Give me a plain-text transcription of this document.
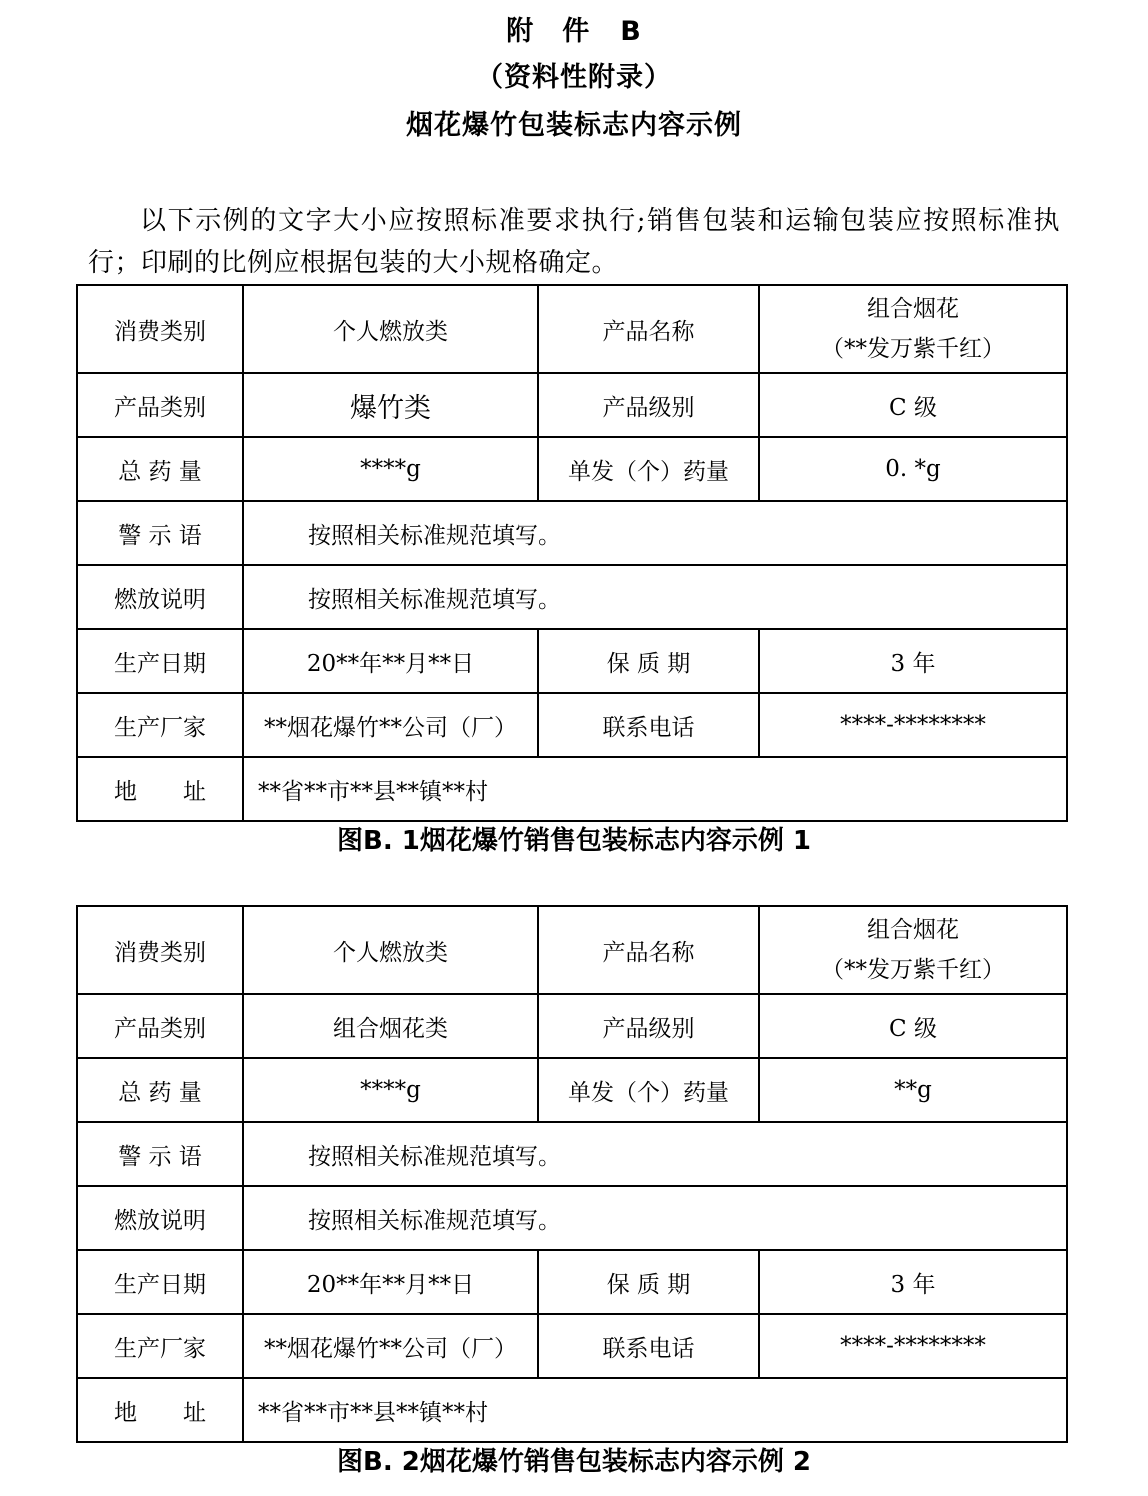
附　件 B
（资料性附录）
烟花爆竹包装标志内容示例

以下示例的文字大小应按照标准要求执行;销售包装和运输包装应按照标准执行；印刷的比例应根据包装的大小规格确定。

消费类别	个人燃放类	产品名称	组合烟花
（**发万紫千红）

产品类别	爆竹类	产品级别	C 级
总 药 量	****g	单发（个）药量	0. *g
警 示 语	按照相关标准规范填写。		
燃放说明	按照相关标准规范填写。		
生产日期	20**年**月**日	保 质 期	3 年
生产厂家	**烟花爆竹**公司（厂）	联系电话	****-********
地　　址	**省**市**县**镇**村		
图B. 1烟花爆竹销售包装标志内容示例 1
消费类别	个人燃放类	产品名称	组合烟花
（**发万紫千红）

产品类别	组合烟花类	产品级别	C 级
总 药 量	****g	单发（个）药量	**g
警 示 语	按照相关标准规范填写。		
燃放说明	按照相关标准规范填写。		
生产日期	20**年**月**日	保 质 期	3 年
生产厂家	**烟花爆竹**公司（厂）	联系电话	****-********
地　　址	**省**市**县**镇**村		
图B. 2烟花爆竹销售包装标志内容示例 2
